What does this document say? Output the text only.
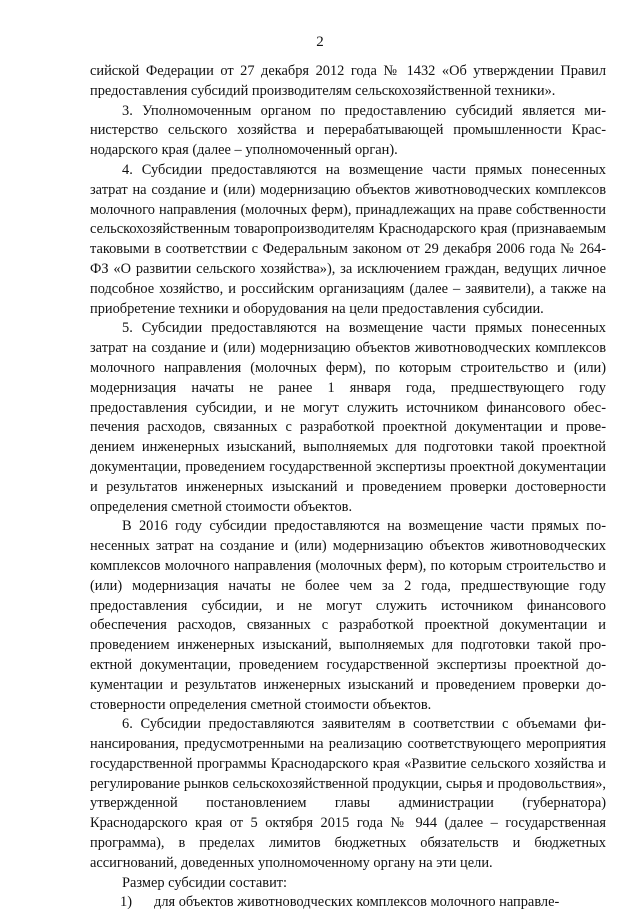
2

сийской Федерации от 27 декабря 2012 года № 1432 «Об утверждении Правил предоставления субсидий производителям сельскохозяйственной техники».

3. Уполномоченным органом по предоставлению субсидий является министерство сельского хозяйства и перерабатывающей промышленности Краснодарского края (далее – уполномоченный орган).

4. Субсидии предоставляются на возмещение части прямых понесенных затрат на создание и (или) модернизацию объектов животноводческих комплексов молочного направления (молочных ферм), принадлежащих на праве собственности сельскохозяйственным товаропроизводителям Краснодарского края (признаваемым таковыми в соответствии с Федеральным законом от 29 декабря 2006 года № 264-ФЗ «О развитии сельского хозяйства»), за исключением граждан, ведущих личное подсобное хозяйство, и российским организациям (далее – заявители), а также на приобретение техники и оборудования на цели предоставления субсидии.

5. Субсидии предоставляются на возмещение части прямых понесенных затрат на создание и (или) модернизацию объектов животноводческих комплексов молочного направления (молочных ферм), по которым строительство и (или) модернизация начаты не ранее 1 января года, предшествующего году предоставления субсидии, и не могут служить источником финансового обеспечения расходов, связанных с разработкой проектной документации и проведением инженерных изысканий, выполняемых для подготовки такой проектной документации, проведением государственной экспертизы проектной документации и результатов инженерных изысканий и проведением проверки достоверности определения сметной стоимости объектов.

В 2016 году субсидии предоставляются на возмещение части прямых понесенных затрат на создание и (или) модернизацию объектов животноводческих комплексов молочного направления (молочных ферм), по которым строительство и (или) модернизация начаты не более чем за 2 года, предшествующие году предоставления субсидии, и не могут служить источником финансового обеспечения расходов, связанных с разработкой проектной документации и проведением инженерных изысканий, выполняемых для подготовки такой проектной документации, проведением государственной экспертизы проектной документации и результатов инженерных изысканий и проведением проверки достоверности определения сметной стоимости объектов.

6. Субсидии предоставляются заявителям в соответствии с объемами финансирования, предусмотренными на реализацию соответствующего мероприятия государственной программы Краснодарского края «Развитие сельского хозяйства и регулирование рынков сельскохозяйственной продукции, сырья и продовольствия», утвержденной постановлением главы администрации (губернатора) Краснодарского края от 5 октября 2015 года № 944 (далее – государственная программа), в пределах лимитов бюджетных обязательств и бюджетных ассигнований, доведенных уполномоченному органу на эти цели.

Размер субсидии составит:

1)	для объектов животноводческих комплексов молочного направле-
